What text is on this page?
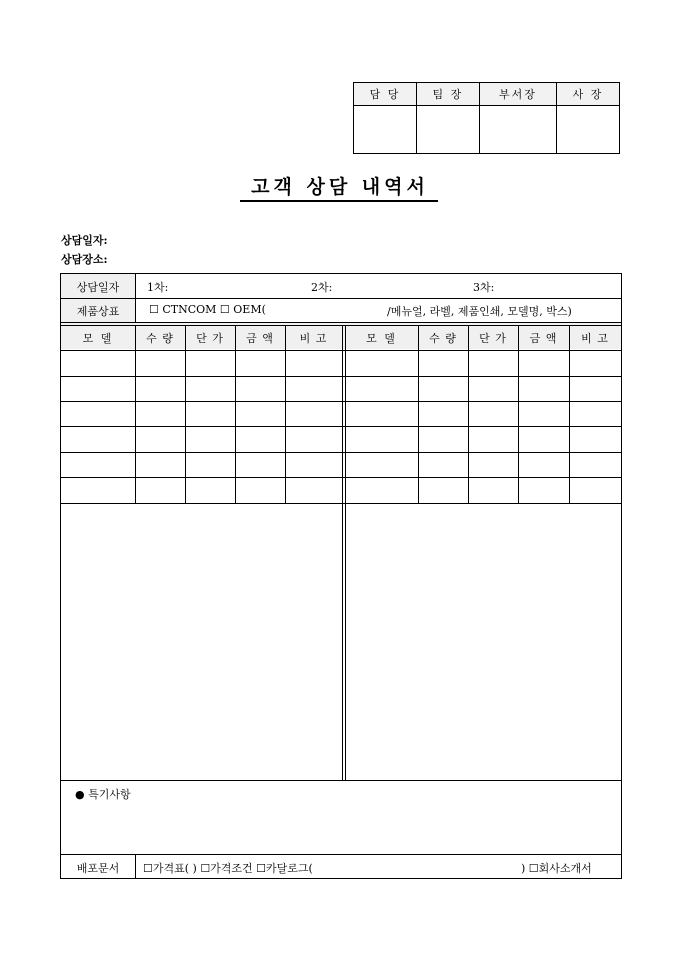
담 당	팀 장	부서장	사 장

고객 상담 내역서
상담일자:
상담장소:
상담일자	1차:	2차:	3차:
제품상표	☐ CTNCOM ☐ OEM(	/메뉴얼, 라벨, 제품인쇄, 모델명, 박스)
모 델	수 량	단 가	금 액	비 고	모 델	수 량	단 가	금 액	비 고
● 특기사항
배포문서	☐가격표( ) ☐가격조건 ☐카달로그(	) ☐회사소개서
